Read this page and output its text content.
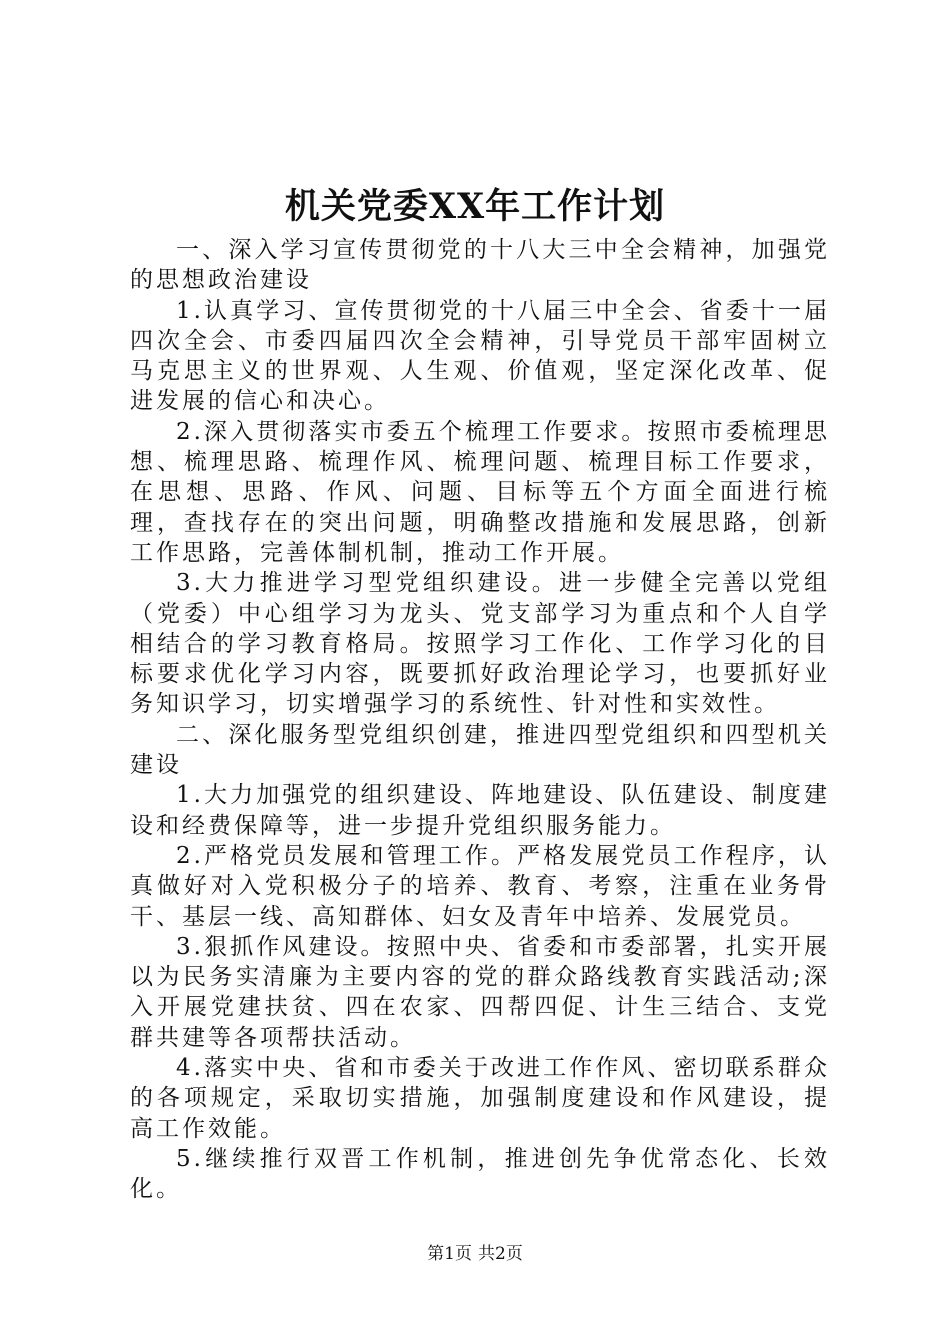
机关党委XX年工作计划

一、深入学习宣传贯彻党的十八大三中全会精神，加强党的思想政治建设

1.认真学习、宣传贯彻党的十八届三中全会、省委十一届四次全会、市委四届四次全会精神，引导党员干部牢固树立马克思主义的世界观、人生观、价值观，坚定深化改革、促进发展的信心和决心。

2.深入贯彻落实市委五个梳理工作要求。按照市委梳理思想、梳理思路、梳理作风、梳理问题、梳理目标工作要求，在思想、思路、作风、问题、目标等五个方面全面进行梳理，查找存在的突出问题，明确整改措施和发展思路，创新工作思路，完善体制机制，推动工作开展。

3.大力推进学习型党组织建设。进一步健全完善以党组（党委）中心组学习为龙头、党支部学习为重点和个人自学相结合的学习教育格局。按照学习工作化、工作学习化的目标要求优化学习内容，既要抓好政治理论学习，也要抓好业务知识学习，切实增强学习的系统性、针对性和实效性。

二、深化服务型党组织创建，推进四型党组织和四型机关建设

1.大力加强党的组织建设、阵地建设、队伍建设、制度建设和经费保障等，进一步提升党组织服务能力。

2.严格党员发展和管理工作。严格发展党员工作程序，认真做好对入党积极分子的培养、教育、考察，注重在业务骨干、基层一线、高知群体、妇女及青年中培养、发展党员。

3.狠抓作风建设。按照中央、省委和市委部署，扎实开展以为民务实清廉为主要内容的党的群众路线教育实践活动;深入开展党建扶贫、四在农家、四帮四促、计生三结合、支党群共建等各项帮扶活动。

4.落实中央、省和市委关于改进工作作风、密切联系群众的各项规定，采取切实措施，加强制度建设和作风建设，提高工作效能。

5.继续推行双晋工作机制，推进创先争优常态化、长效化。

第1页 共2页
